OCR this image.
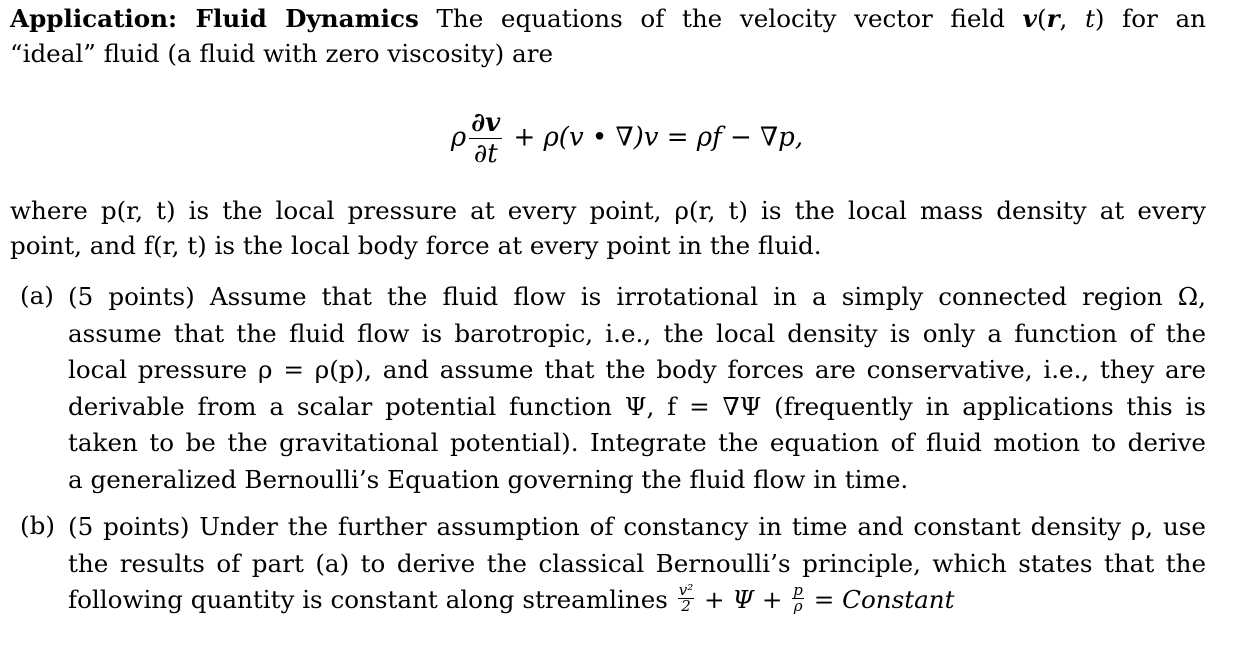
Application: Fluid Dynamics The equations of the velocity vector field v(r, t) for an
“ideal” fluid (a fluid with zero viscosity) are
ρ $\frac{\partial v}{\partial t} + \rho(v$ • ∇)v = ρf − ∇p,
where p(r, t) is the local pressure at every point, ρ(r, t) is the local mass density at every
point, and f(r, t) is the local body force at every point in the fluid.
(a) (5 points) Assume that the fluid flow is irrotational in a simply connected region Ω,
assume that the fluid flow is barotropic, i.e., the local density is only a function of the
local pressure ρ = ρ(p), and assume that the body forces are conservative, i.e., they are
derivable from a scalar potential function Ψ, f = ∇Ψ (frequently in applications this is
taken to be the gravitational potential). Integrate the equation of fluid motion to derive
a generalized Bernoulli’s Equation governing the fluid flow in time.
(b) (5 points) Under the further assumption of constancy in time and constant density ρ, use
the results of part (a) to derive the classical Bernoulli’s principle, which states that the
following quantity is constant along streamlines $\frac{\text{v²}}{2} + \Psi + \frac{p}{\rho}$ = Constant
